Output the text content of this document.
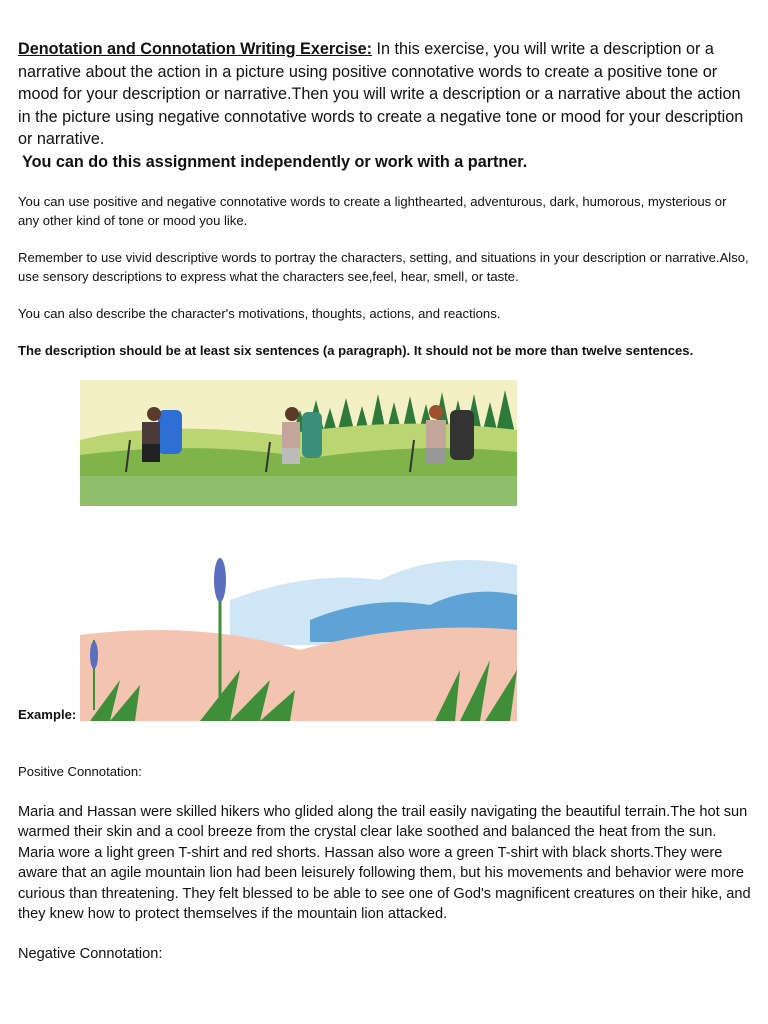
Denotation and Connotation Writing Exercise: In this exercise, you will write a description or a narrative about the action in a picture using positive connotative words to create a positive tone or mood for your description or narrative.Then you will write a description or a narrative about the action in the picture using negative connotative words to create a negative tone or mood for your description or narrative.

You can do this assignment independently or work with a partner.

You can use positive and negative connotative words to create a lighthearted, adventurous, dark, humorous, mysterious or any other kind of tone or mood you like.

Remember to use vivid descriptive words to portray the characters, setting, and situations in your description or narrative.Also, use sensory descriptions to express what the characters see,feel, hear, smell, or taste.

You can also describe the character's motivations, thoughts, actions, and reactions.

The description should be at least six sentences (a paragraph). It should not be more than twelve sentences.

Example:
Positive Connotation:

Maria and Hassan were skilled hikers who glided along the trail easily navigating the beautiful terrain.The hot sun warmed their skin and a cool breeze from the crystal clear lake soothed and balanced the heat from the sun. Maria wore a light green T-shirt and red shorts. Hassan also wore a green T-shirt with black shorts.They were aware that an agile mountain lion had been leisurely following them, but his movements and behavior were more curious than threatening. They felt blessed to be able to see one of God's magnificent creatures on their hike, and they knew how to protect themselves if the mountain lion attacked.

Negative Connotation:
